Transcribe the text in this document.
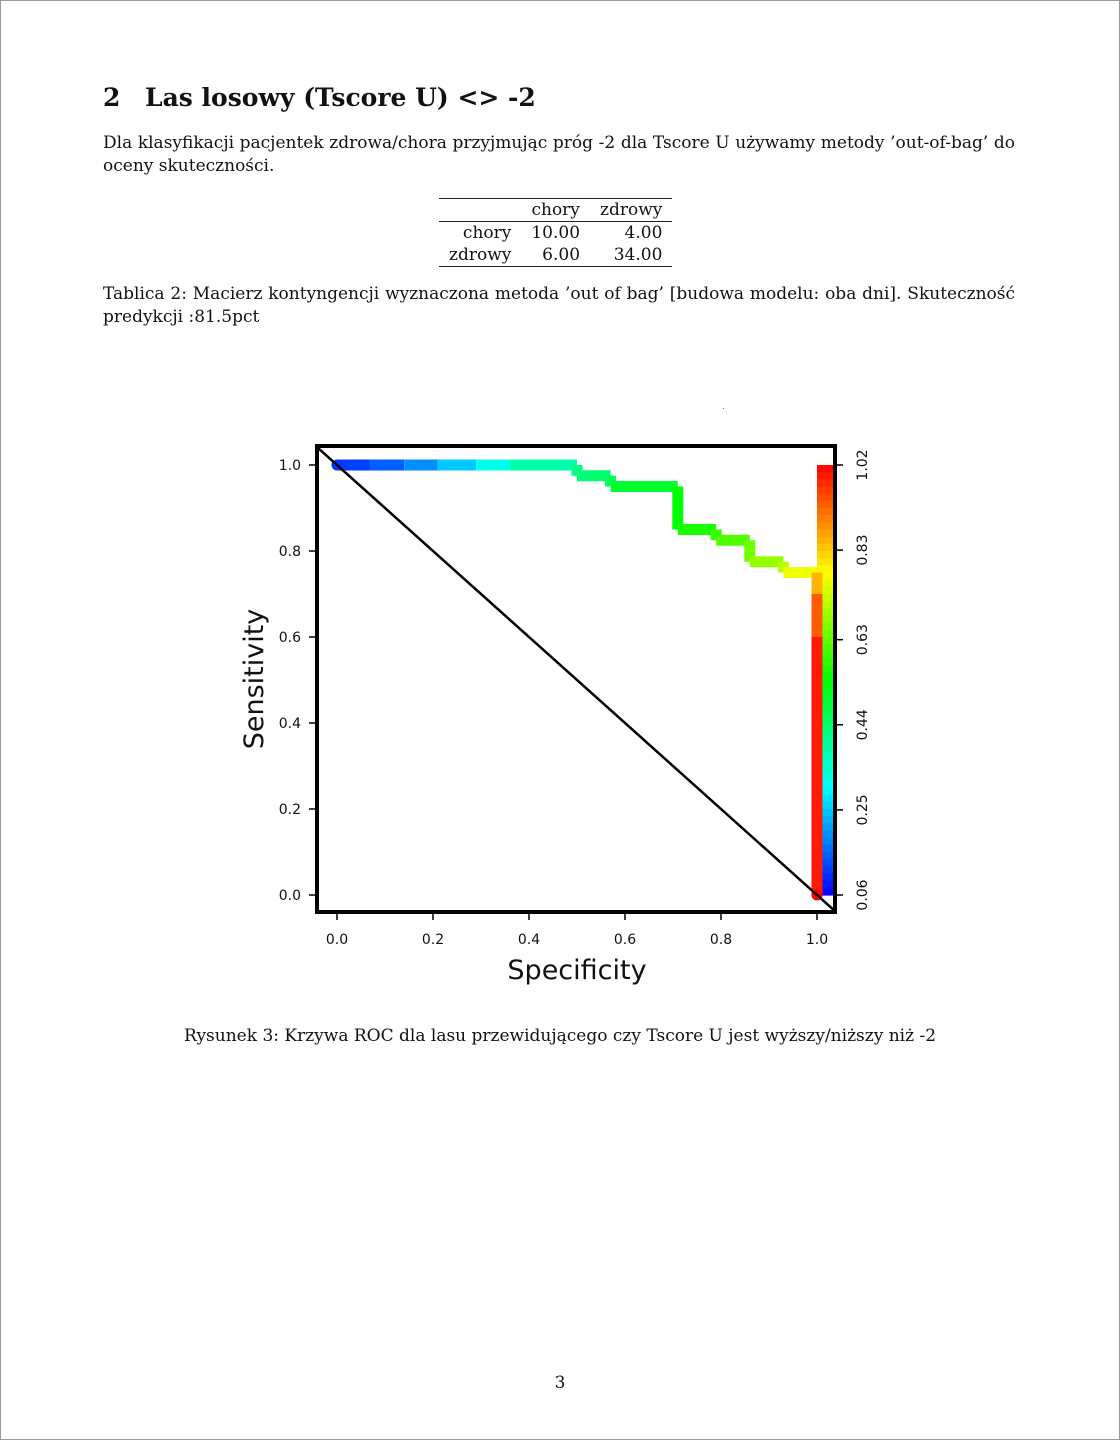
2 Las losowy (Tscore U) <> -2
Dla klasyfikacji pacjentek zdrowa/chora przyjmując próg -2 dla Tscore U używamy metody ’out-of-bag’ do oceny skuteczności.
	chory	zdrowy
chory	10.00	4.00
zdrowy	6.00	34.00
Tablica 2: Macierz kontyngencji wyznaczona metoda ’out of bag’ [budowa modelu: oba dni]. Skuteczność predykcji :81.5pct
0.0	0.2	0.4	0.6	0.8	1.0
0.0
0.2
0.4
0.6
0.8
1.0
0.06
0.25
0.44
0.63
0.83
1.02
Specificity
Sensitivity
Rysunek 3: Krzywa ROC dla lasu przewidującego czy Tscore U jest wyższy/niższy niż -2
3
